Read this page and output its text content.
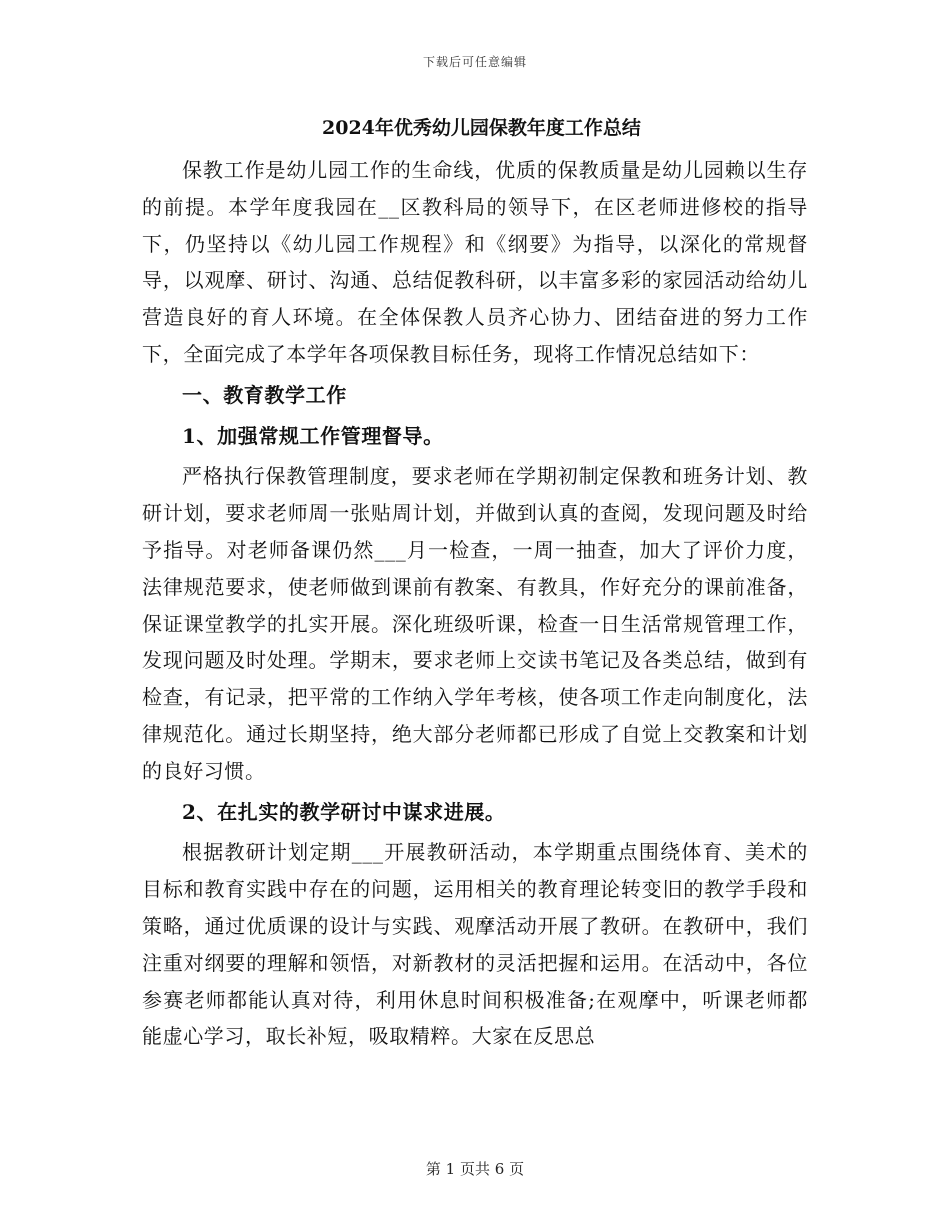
下载后可任意编辑
2024年优秀幼儿园保教年度工作总结

保教工作是幼儿园工作的生命线，优质的保教质量是幼儿园赖以生存的前提。本学年度我园在__区教科局的领导下，在区老师进修校的指导下，仍坚持以《幼儿园工作规程》和《纲要》为指导，以深化的常规督导，以观摩、研讨、沟通、总结促教科研，以丰富多彩的家园活动给幼儿营造良好的育人环境。在全体保教人员齐心协力、团结奋进的努力工作下，全面完成了本学年各项保教目标任务，现将工作情况总结如下：

一、教育教学工作

1、加强常规工作管理督导。

严格执行保教管理制度，要求老师在学期初制定保教和班务计划、教研计划，要求老师周一张贴周计划，并做到认真的查阅，发现问题及时给予指导。对老师备课仍然___月一检查，一周一抽查，加大了评价力度，法律规范要求，使老师做到课前有教案、有教具，作好充分的课前准备，保证课堂教学的扎实开展。深化班级听课，检查一日生活常规管理工作，发现问题及时处理。学期末，要求老师上交读书笔记及各类总结，做到有检查，有记录，把平常的工作纳入学年考核，使各项工作走向制度化，法律规范化。通过长期坚持，绝大部分老师都已形成了自觉上交教案和计划的良好习惯。

2、在扎实的教学研讨中谋求进展。

根据教研计划定期___开展教研活动，本学期重点围绕体育、美术的目标和教育实践中存在的问题，运用相关的教育理论转变旧的教学手段和策略，通过优质课的设计与实践、观摩活动开展了教研。在教研中，我们注重对纲要的理解和领悟，对新教材的灵活把握和运用。在活动中，各位参赛老师都能认真对待，利用休息时间积极准备;在观摩中，听课老师都能虚心学习，取长补短，吸取精粹。大家在反思总

第 1 页共 6 页
